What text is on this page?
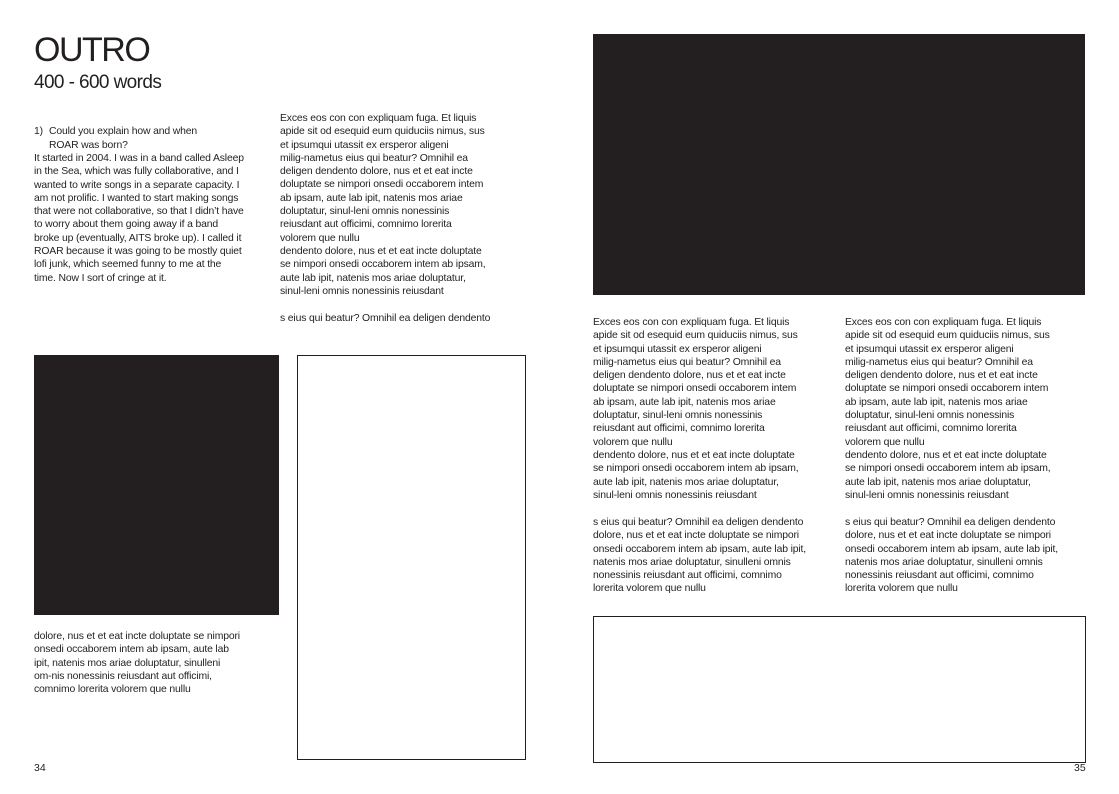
OUTRO
400 - 600 words

1) Could you explain how and when
ROAR was born?

It started in 2004. I was in a band called Asleep
in the Sea, which was fully collaborative, and I
wanted to write songs in a separate capacity. I
am not prolific. I wanted to start making songs
that were not collaborative, so that I didn’t have
to worry about them going away if a band
broke up (eventually, AITS broke up). I called it
ROAR because it was going to be mostly quiet
lofi junk, which seemed funny to me at the
time. Now I sort of cringe at it.

Exces eos con con expliquam fuga. Et liquis
apide sit od esequid eum quiduciis nimus, sus
et ipsumqui utassit ex ersperor aligeni
milig-nametus eius qui beatur? Omnihil ea
deligen dendento dolore, nus et et eat incte
doluptate se nimpori onsedi occaborem intem
ab ipsam, aute lab ipit, natenis mos ariae
doluptatur, sinul-leni omnis nonessinis
reiusdant aut officimi, comnimo lorerita
volorem que nullu
dendento dolore, nus et et eat incte doluptate
se nimpori onsedi occaborem intem ab ipsam,
aute lab ipit, natenis mos ariae doluptatur,
sinul-leni omnis nonessinis reiusdant

s eius qui beatur? Omnihil ea deligen dendento

dolore, nus et et eat incte doluptate se nimpori
onsedi occaborem intem ab ipsam, aute lab
ipit, natenis mos ariae doluptatur, sinulleni
om-nis nonessinis reiusdant aut officimi,
comnimo lorerita volorem que nullu

34

Exces eos con con expliquam fuga. Et liquis
apide sit od esequid eum quiduciis nimus, sus
et ipsumqui utassit ex ersperor aligeni
milig-nametus eius qui beatur? Omnihil ea
deligen dendento dolore, nus et et eat incte
doluptate se nimpori onsedi occaborem intem
ab ipsam, aute lab ipit, natenis mos ariae
doluptatur, sinul-leni omnis nonessinis
reiusdant aut officimi, comnimo lorerita
volorem que nullu
dendento dolore, nus et et eat incte doluptate
se nimpori onsedi occaborem intem ab ipsam,
aute lab ipit, natenis mos ariae doluptatur,
sinul-leni omnis nonessinis reiusdant

s eius qui beatur? Omnihil ea deligen dendento
dolore, nus et et eat incte doluptate se nimpori
onsedi occaborem intem ab ipsam, aute lab ipit,
natenis mos ariae doluptatur, sinulleni omnis
nonessinis reiusdant aut officimi, comnimo
lorerita volorem que nullu

Exces eos con con expliquam fuga. Et liquis
apide sit od esequid eum quiduciis nimus, sus
et ipsumqui utassit ex ersperor aligeni
milig-nametus eius qui beatur? Omnihil ea
deligen dendento dolore, nus et et eat incte
doluptate se nimpori onsedi occaborem intem
ab ipsam, aute lab ipit, natenis mos ariae
doluptatur, sinul-leni omnis nonessinis
reiusdant aut officimi, comnimo lorerita
volorem que nullu
dendento dolore, nus et et eat incte doluptate
se nimpori onsedi occaborem intem ab ipsam,
aute lab ipit, natenis mos ariae doluptatur,
sinul-leni omnis nonessinis reiusdant

s eius qui beatur? Omnihil ea deligen dendento
dolore, nus et et eat incte doluptate se nimpori
onsedi occaborem intem ab ipsam, aute lab ipit,
natenis mos ariae doluptatur, sinulleni omnis
nonessinis reiusdant aut officimi, comnimo
lorerita volorem que nullu

35
